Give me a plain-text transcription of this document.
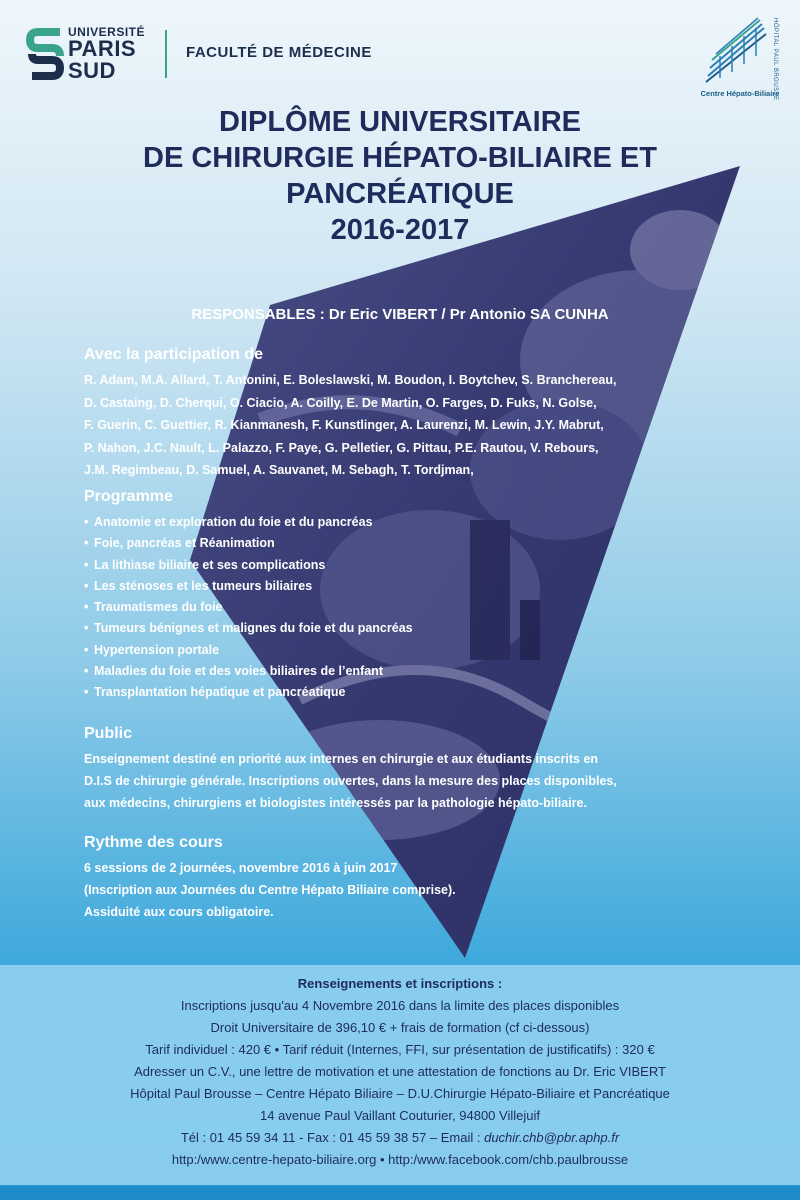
UNIVERSITÉ
PARIS
SUD
FACULTÉ DE MÉDECINE	HÔPITAL PAUL BROUSSE
Centre Hépato-Biliaire
DIPLÔME UNIVERSITAIRE
DE CHIRURGIE HÉPATO-BILIAIRE ET
PANCRÉATIQUE
2016-2017
RESPONSABLES : Dr Eric VIBERT / Pr Antonio SA CUNHA
Avec la participation de
R. Adam, M.A. Allard, T. Antonini, E. Boleslawski, M. Boudon, I. Boytchev, S. Branchereau,
D. Castaing, D. Cherqui, O. Ciacio, A. Coilly, E. De Martin, O. Farges, D. Fuks, N. Golse,
F. Guerin, C. Guettier, R. Kianmanesh, F. Kunstlinger, A. Laurenzi, M. Lewin, J.Y. Mabrut,
P. Nahon, J.C. Nault, L. Palazzo, F. Paye, G. Pelletier, G. Pittau, P.E. Rautou, V. Rebours,
J.M. Regimbeau, D. Samuel, A. Sauvanet, M. Sebagh, T. Tordjman,
Programme
• Anatomie et exploration du foie et du pancréas
• Foie, pancréas et Réanimation
• La lithiase biliaire et ses complications
• Les sténoses et les tumeurs biliaires
• Traumatismes du foie
• Tumeurs bénignes et malignes du foie et du pancréas
• Hypertension portale
• Maladies du foie et des voies biliaires de l’enfant
• Transplantation hépatique et pancréatique
Public
Enseignement destiné en priorité aux internes en chirurgie et aux étudiants inscrits en
D.I.S de chirurgie générale. Inscriptions ouvertes, dans la mesure des places disponibles,
aux médecins, chirurgiens et biologistes intéressés par la pathologie hépato-biliaire.
Rythme des cours
6 sessions de 2 journées, novembre 2016 à juin 2017
(Inscription aux Journées du Centre Hépato Biliaire comprise).
Assiduité aux cours obligatoire.
Renseignements et inscriptions :
Inscriptions jusqu'au 4 Novembre 2016 dans la limite des places disponibles
Droit Universitaire de 396,10 € + frais de formation (cf ci-dessous)
Tarif individuel : 420 € • Tarif réduit (Internes, FFI, sur présentation de justificatifs) : 320 €
Adresser un C.V., une lettre de motivation et une attestation de fonctions au Dr. Eric VIBERT
Hôpital Paul Brousse – Centre Hépato Biliaire – D.U.Chirurgie Hépato-Biliaire et Pancréatique
14 avenue Paul Vaillant Couturier, 94800 Villejuif
Tél : 01 45 59 34 11 - Fax : 01 45 59 38 57 – Email : duchir.chb@pbr.aphp.fr
http:/www.centre-hepato-biliaire.org • http:/www.facebook.com/chb.paulbrousse
